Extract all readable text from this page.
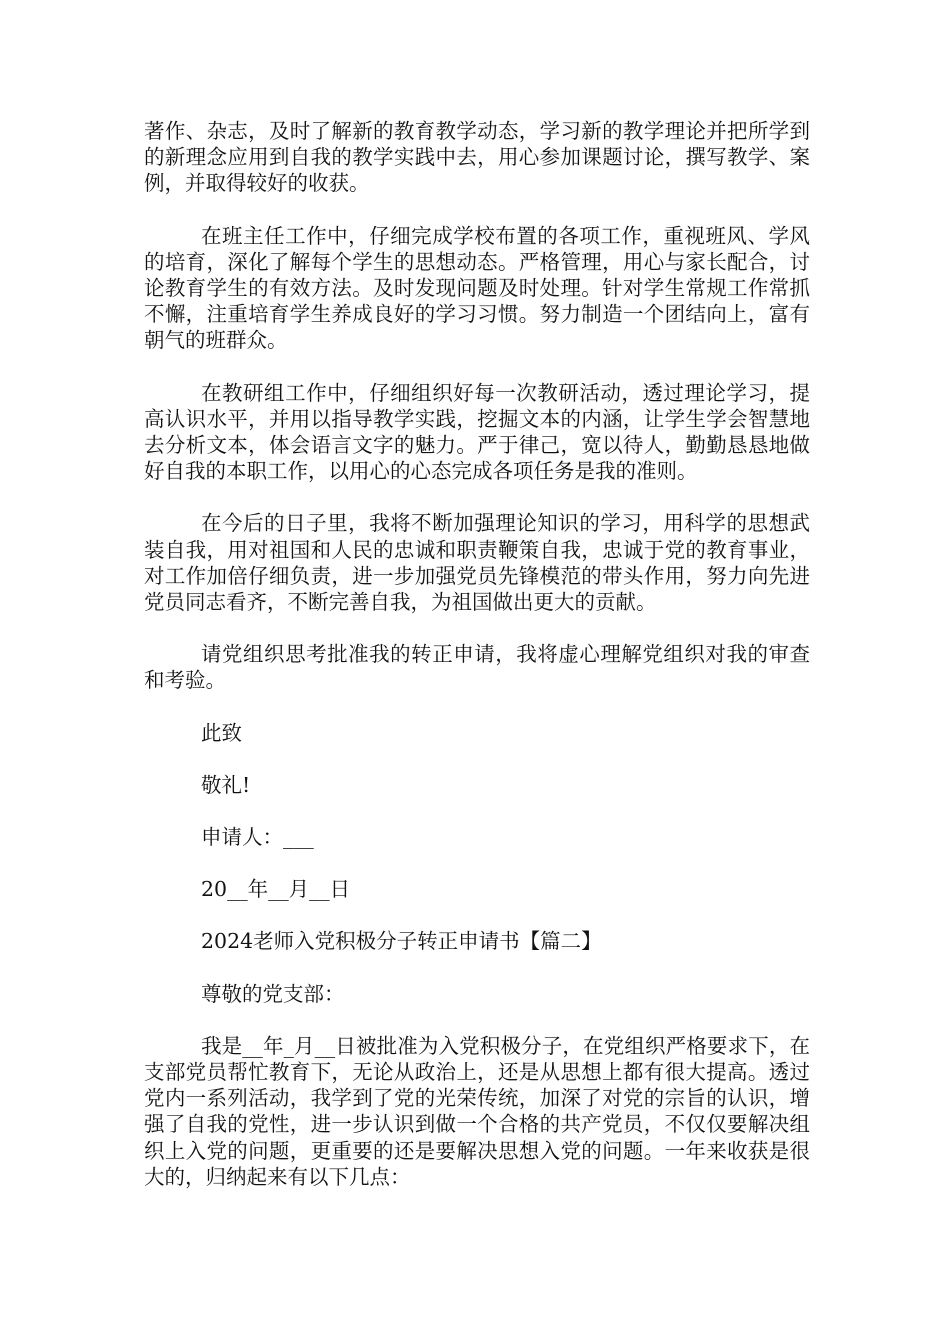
著作、杂志，及时了解新的教育教学动态，学习新的教学理论并把所学到的新理念应用到自我的教学实践中去，用心参加课题讨论，撰写教学、案例，并取得较好的收获。

在班主任工作中，仔细完成学校布置的各项工作，重视班风、学风的培育，深化了解每个学生的思想动态。严格管理，用心与家长配合，讨论教育学生的有效方法。及时发现问题及时处理。针对学生常规工作常抓不懈，注重培育学生养成良好的学习习惯。努力制造一个团结向上，富有朝气的班群众。

在教研组工作中，仔细组织好每一次教研活动，透过理论学习，提高认识水平，并用以指导教学实践，挖掘文本的内涵，让学生学会智慧地去分析文本，体会语言文字的魅力。严于律己，宽以待人，勤勤恳恳地做好自我的本职工作，以用心的心态完成各项任务是我的准则。

在今后的日子里，我将不断加强理论知识的学习，用科学的思想武装自我，用对祖国和人民的忠诚和职责鞭策自我，忠诚于党的教育事业，对工作加倍仔细负责，进一步加强党员先锋模范的带头作用，努力向先进党员同志看齐，不断完善自我，为祖国做出更大的贡献。

请党组织思考批准我的转正申请，我将虚心理解党组织对我的审查和考验。

此致

敬礼!

申请人：___

20__年__月__日

2024老师入党积极分子转正申请书【篇二】

尊敬的党支部：

我是__年_月__日被批准为入党积极分子，在党组织严格要求下，在支部党员帮忙教育下，无论从政治上，还是从思想上都有很大提高。透过党内一系列活动，我学到了党的光荣传统，加深了对党的宗旨的认识，增强了自我的党性，进一步认识到做一个合格的共产党员，不仅仅要解决组织上入党的问题，更重要的还是要解决思想入党的问题。一年来收获是很大的，归纳起来有以下几点：
